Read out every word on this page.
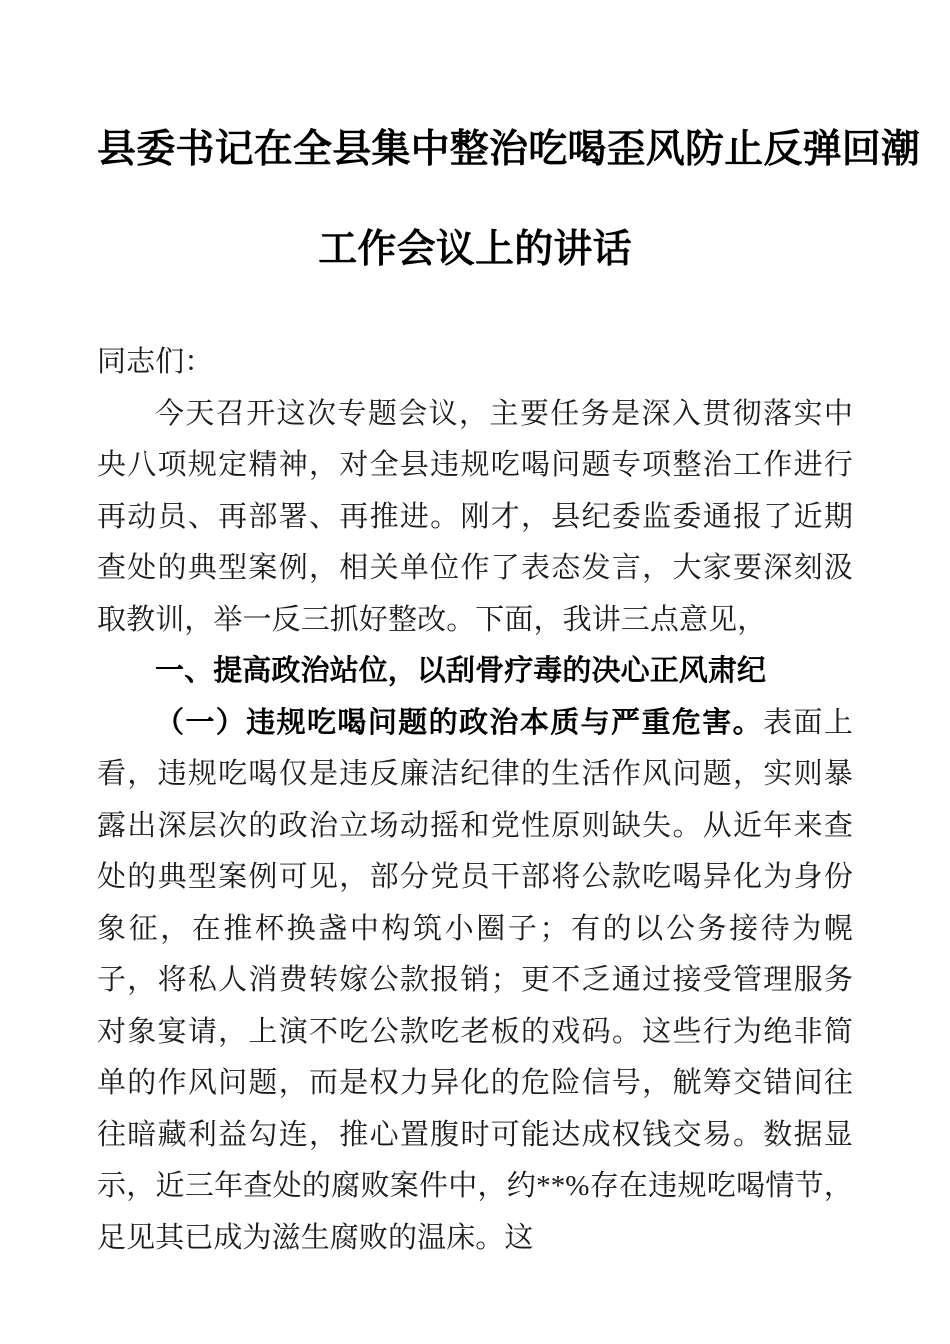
县委书记在全县集中整治吃喝歪风防止反弹回潮
工作会议上的讲话

同志们：

今天召开这次专题会议，主要任务是深入贯彻落实中央八项规定精神，对全县违规吃喝问题专项整治工作进行再动员、再部署、再推进。刚才，县纪委监委通报了近期查处的典型案例，相关单位作了表态发言，大家要深刻汲取教训，举一反三抓好整改。下面，我讲三点意见，

一、提高政治站位，以刮骨疗毒的决心正风肃纪

（一）违规吃喝问题的政治本质与严重危害。表面上看，违规吃喝仅是违反廉洁纪律的生活作风问题，实则暴露出深层次的政治立场动摇和党性原则缺失。从近年来查处的典型案例可见，部分党员干部将公款吃喝异化为身份象征，在推杯换盏中构筑小圈子；有的以公务接待为幌子，将私人消费转嫁公款报销；更不乏通过接受管理服务对象宴请，上演不吃公款吃老板的戏码。这些行为绝非简单的作风问题，而是权力异化的危险信号，觥筹交错间往往暗藏利益勾连，推心置腹时可能达成权钱交易。数据显示，近三年查处的腐败案件中，约**%存在违规吃喝情节，足见其已成为滋生腐败的温床。这
